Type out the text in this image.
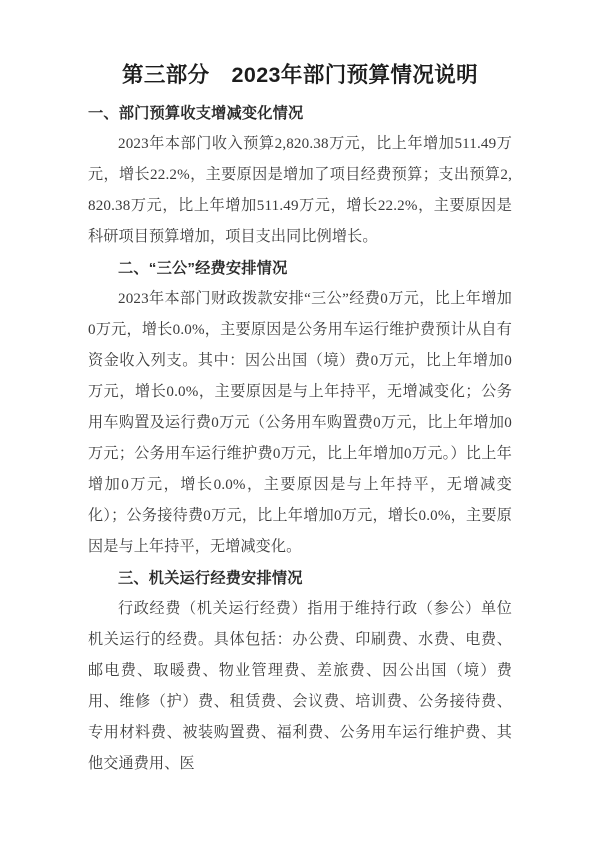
第三部分　2023年部门预算情况说明
一、部门预算收支增减变化情况

2023年本部门收入预算2,820.38万元，比上年增加511.49万元，增长22.2%，主要原因是增加了项目经费预算；支出预算2,820.38万元，比上年增加511.49万元，增长22.2%，主要原因是科研项目预算增加，项目支出同比例增长。

二、“三公”经费安排情况

2023年本部门财政拨款安排“三公”经费0万元，比上年增加0万元，增长0.0%，主要原因是公务用车运行维护费预计从自有资金收入列支。其中：因公出国（境）费0万元，比上年增加0万元，增长0.0%，主要原因是与上年持平，无增减变化；公务用车购置及运行费0万元（公务用车购置费0万元，比上年增加0万元；公务用车运行维护费0万元，比上年增加0万元。）比上年增加0万元，增长0.0%，主要原因是与上年持平，无增减变化）；公务接待费0万元，比上年增加0万元，增长0.0%，主要原因是与上年持平，无增减变化。

三、机关运行经费安排情况

行政经费（机关运行经费）指用于维持行政（参公）单位机关运行的经费。具体包括：办公费、印刷费、水费、电费、邮电费、取暖费、物业管理费、差旅费、因公出国（境）费用、维修（护）费、租赁费、会议费、培训费、公务接待费、专用材料费、被装购置费、福利费、公务用车运行维护费、其他交通费用、医
